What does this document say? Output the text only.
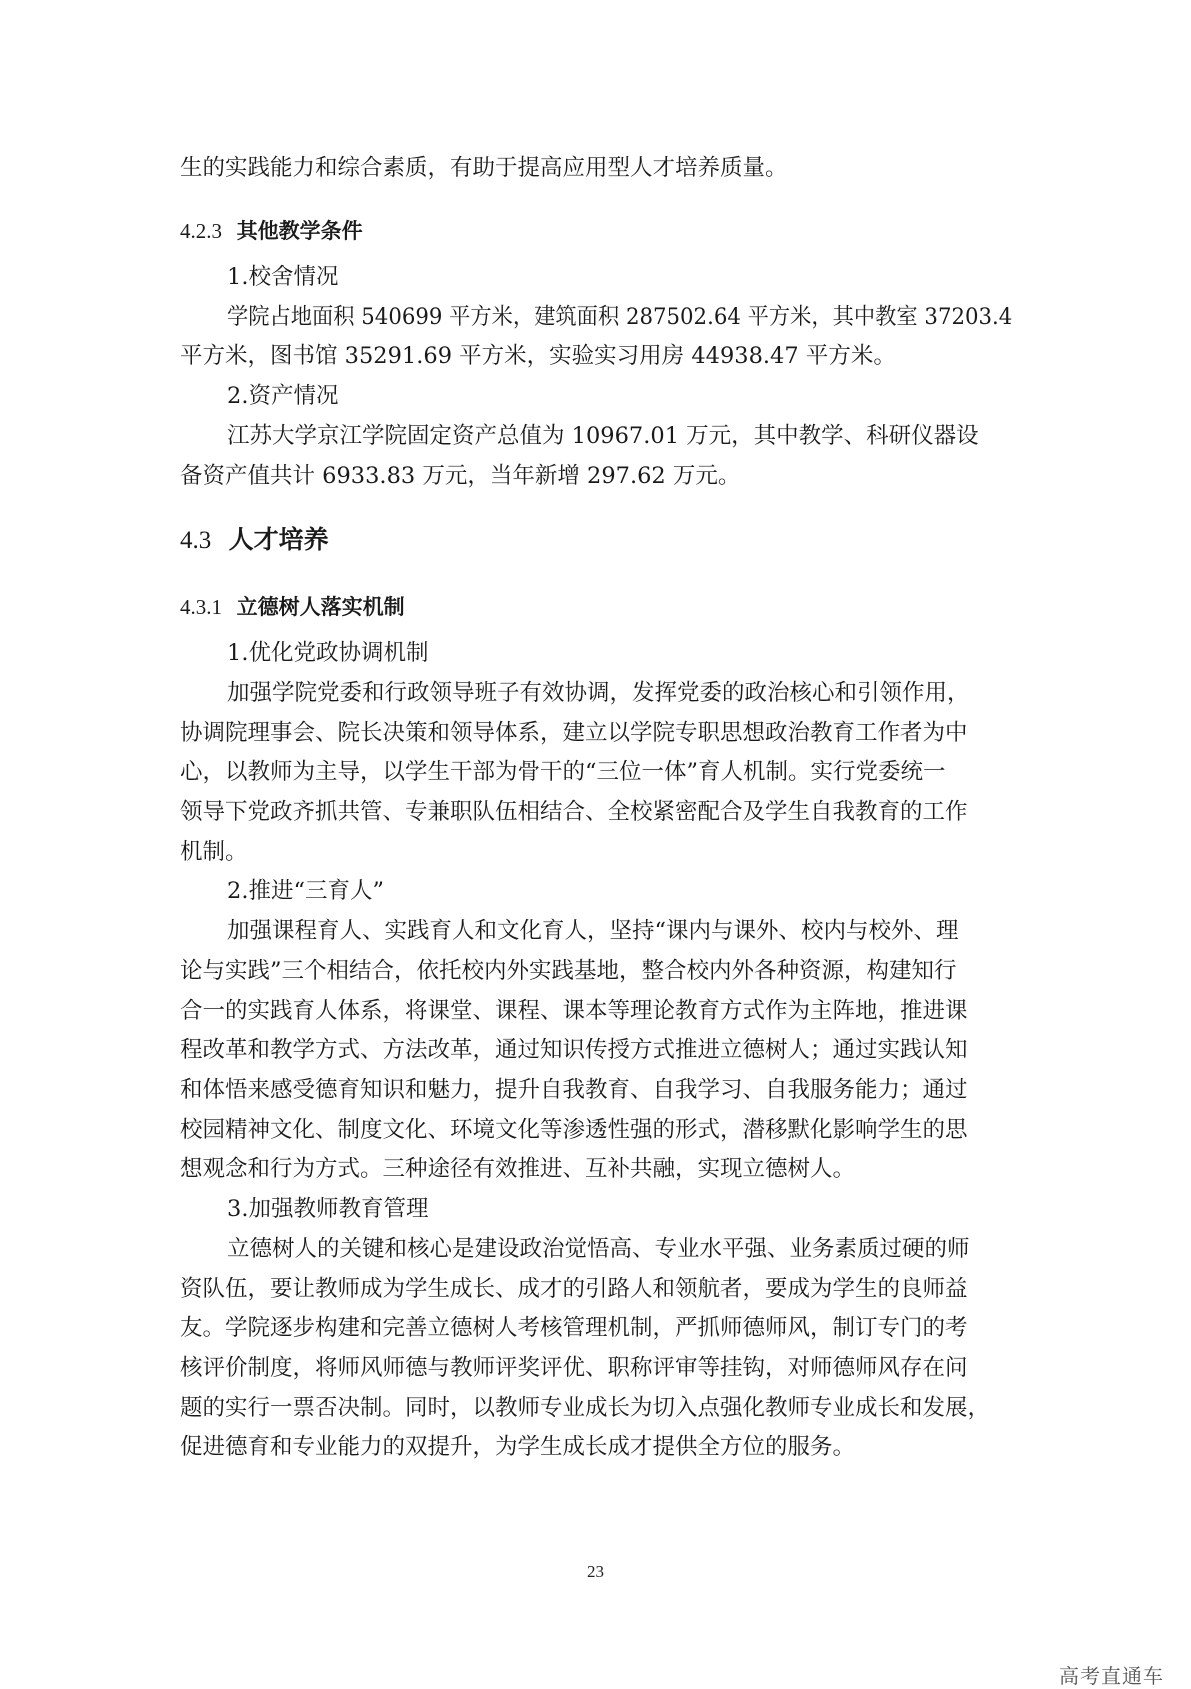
生的实践能力和综合素质，有助于提高应用型人才培养质量。
4.2.3 其他教学条件
1.校舍情况
学院占地面积 540699 平方米，建筑面积 287502.64 平方米，其中教室 37203.4
平方米，图书馆 35291.69 平方米，实验实习用房 44938.47 平方米。
2.资产情况
江苏大学京江学院固定资产总值为 10967.01 万元，其中教学、科研仪器设
备资产值共计 6933.83 万元，当年新增 297.62 万元。
4.3 人才培养
4.3.1 立德树人落实机制
1.优化党政协调机制
加强学院党委和行政领导班子有效协调，发挥党委的政治核心和引领作用，
协调院理事会、院长决策和领导体系，建立以学院专职思想政治教育工作者为中
心，以教师为主导，以学生干部为骨干的“三位一体”育人机制。实行党委统一
领导下党政齐抓共管、专兼职队伍相结合、全校紧密配合及学生自我教育的工作
机制。
2.推进“三育人”
加强课程育人、实践育人和文化育人，坚持“课内与课外、校内与校外、理
论与实践”三个相结合，依托校内外实践基地，整合校内外各种资源，构建知行
合一的实践育人体系，将课堂、课程、课本等理论教育方式作为主阵地，推进课
程改革和教学方式、方法改革，通过知识传授方式推进立德树人；通过实践认知
和体悟来感受德育知识和魅力，提升自我教育、自我学习、自我服务能力；通过
校园精神文化、制度文化、环境文化等渗透性强的形式，潜移默化影响学生的思
想观念和行为方式。三种途径有效推进、互补共融，实现立德树人。
3.加强教师教育管理
立德树人的关键和核心是建设政治觉悟高、专业水平强、业务素质过硬的师
资队伍，要让教师成为学生成长、成才的引路人和领航者，要成为学生的良师益
友。学院逐步构建和完善立德树人考核管理机制，严抓师德师风，制订专门的考
核评价制度，将师风师德与教师评奖评优、职称评审等挂钩，对师德师风存在问
题的实行一票否决制。同时，以教师专业成长为切入点强化教师专业成长和发展，
促进德育和专业能力的双提升，为学生成长成才提供全方位的服务。
23
高考直通车
